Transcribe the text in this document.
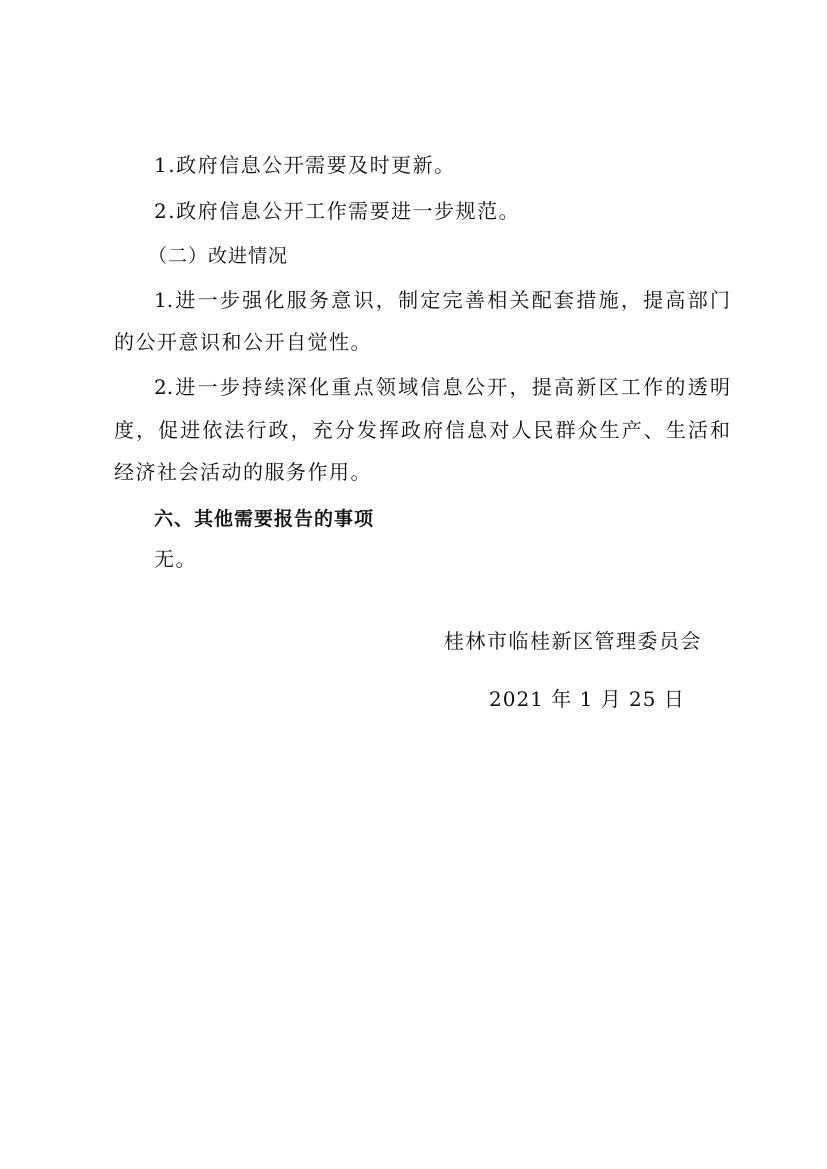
1.政府信息公开需要及时更新。
2.政府信息公开工作需要进一步规范。
（二）改进情况
1.进一步强化服务意识，制定完善相关配套措施，提高部门
的公开意识和公开自觉性。
2.进一步持续深化重点领域信息公开，提高新区工作的透明
度，促进依法行政，充分发挥政府信息对人民群众生产、生活和
经济社会活动的服务作用。
六、其他需要报告的事项
无。
桂林市临桂新区管理委员会
2021 年 1 月 25 日
